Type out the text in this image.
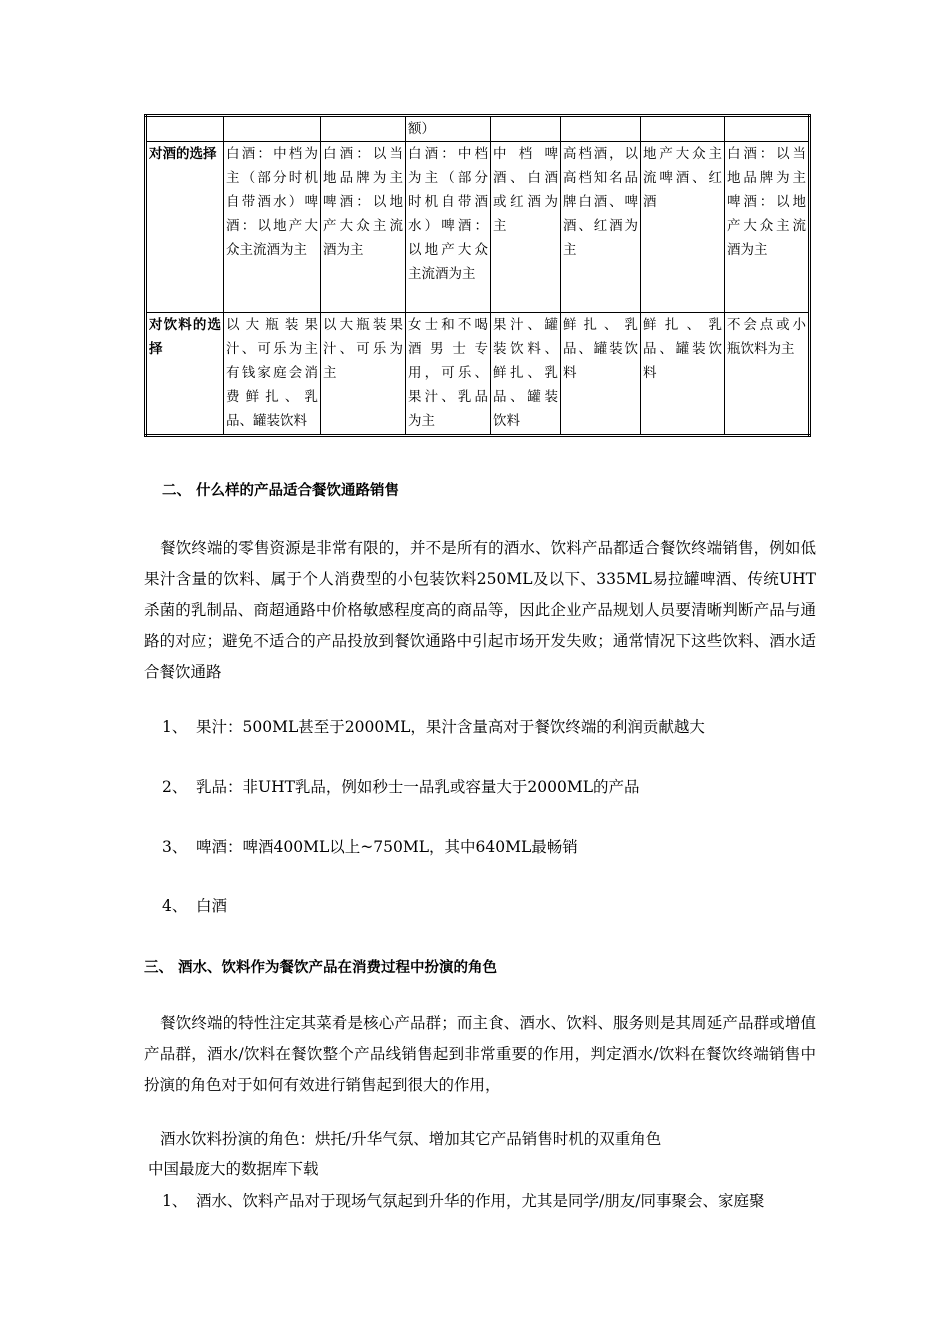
			额）				
对酒的选择	白酒：中档为主（部分时机自带酒水）啤酒：以地产大众主流酒为主	白酒：以当地品牌为主啤酒：以地产大众主流酒为主	白酒：中档为主（部分时机自带酒水）啤酒：以地产大众主流酒为主	中档啤酒、白酒或红酒为主	高档酒，以高档知名品牌白酒、啤酒、红酒为主	地产大众主流啤酒、红酒	白酒：以当地品牌为主啤酒：以地产大众主流酒为主
对饮料的选择	以大瓶装果汁、可乐为主有钱家庭会消费鲜扎、乳品、罐装饮料	以大瓶装果汁、可乐为主	女士和不喝酒男士专用，可乐、果汁、乳品为主	果汁、罐装饮料、鲜扎、乳品、罐装饮料	鲜扎、乳品、罐装饮料	鲜扎、乳品、罐装饮料	不会点或小瓶饮料为主
二、 什么样的产品适合餐饮通路销售
餐饮终端的零售资源是非常有限的，并不是所有的酒水、饮料产品都适合餐饮终端销售，例如低果汁含量的饮料、属于个人消费型的小包装饮料250ML及以下、335ML易拉罐啤酒、传统UHT杀菌的乳制品、商超通路中价格敏感程度高的商品等，因此企业产品规划人员要清晰判断产品与通路的对应；避免不适合的产品投放到餐饮通路中引起市场开发失败；通常情况下这些饮料、酒水适合餐饮通路
1、 果汁：500ML甚至于2000ML，果汁含量高对于餐饮终端的利润贡献越大
2、 乳品：非UHT乳品，例如秒士一品乳或容量大于2000ML的产品
3、 啤酒：啤酒400ML以上~750ML，其中640ML最畅销
4、 白酒
三、 酒水、饮料作为餐饮产品在消费过程中扮演的角色
餐饮终端的特性注定其菜肴是核心产品群；而主食、酒水、饮料、服务则是其周延产品群或增值产品群，酒水/饮料在餐饮整个产品线销售起到非常重要的作用，判定酒水/饮料在餐饮终端销售中扮演的角色对于如何有效进行销售起到很大的作用，
酒水饮料扮演的角色：烘托/升华气氛、增加其它产品销售时机的双重角色
中国最庞大的数据库下载
1、 酒水、饮料产品对于现场气氛起到升华的作用，尤其是同学/朋友/同事聚会、家庭聚
